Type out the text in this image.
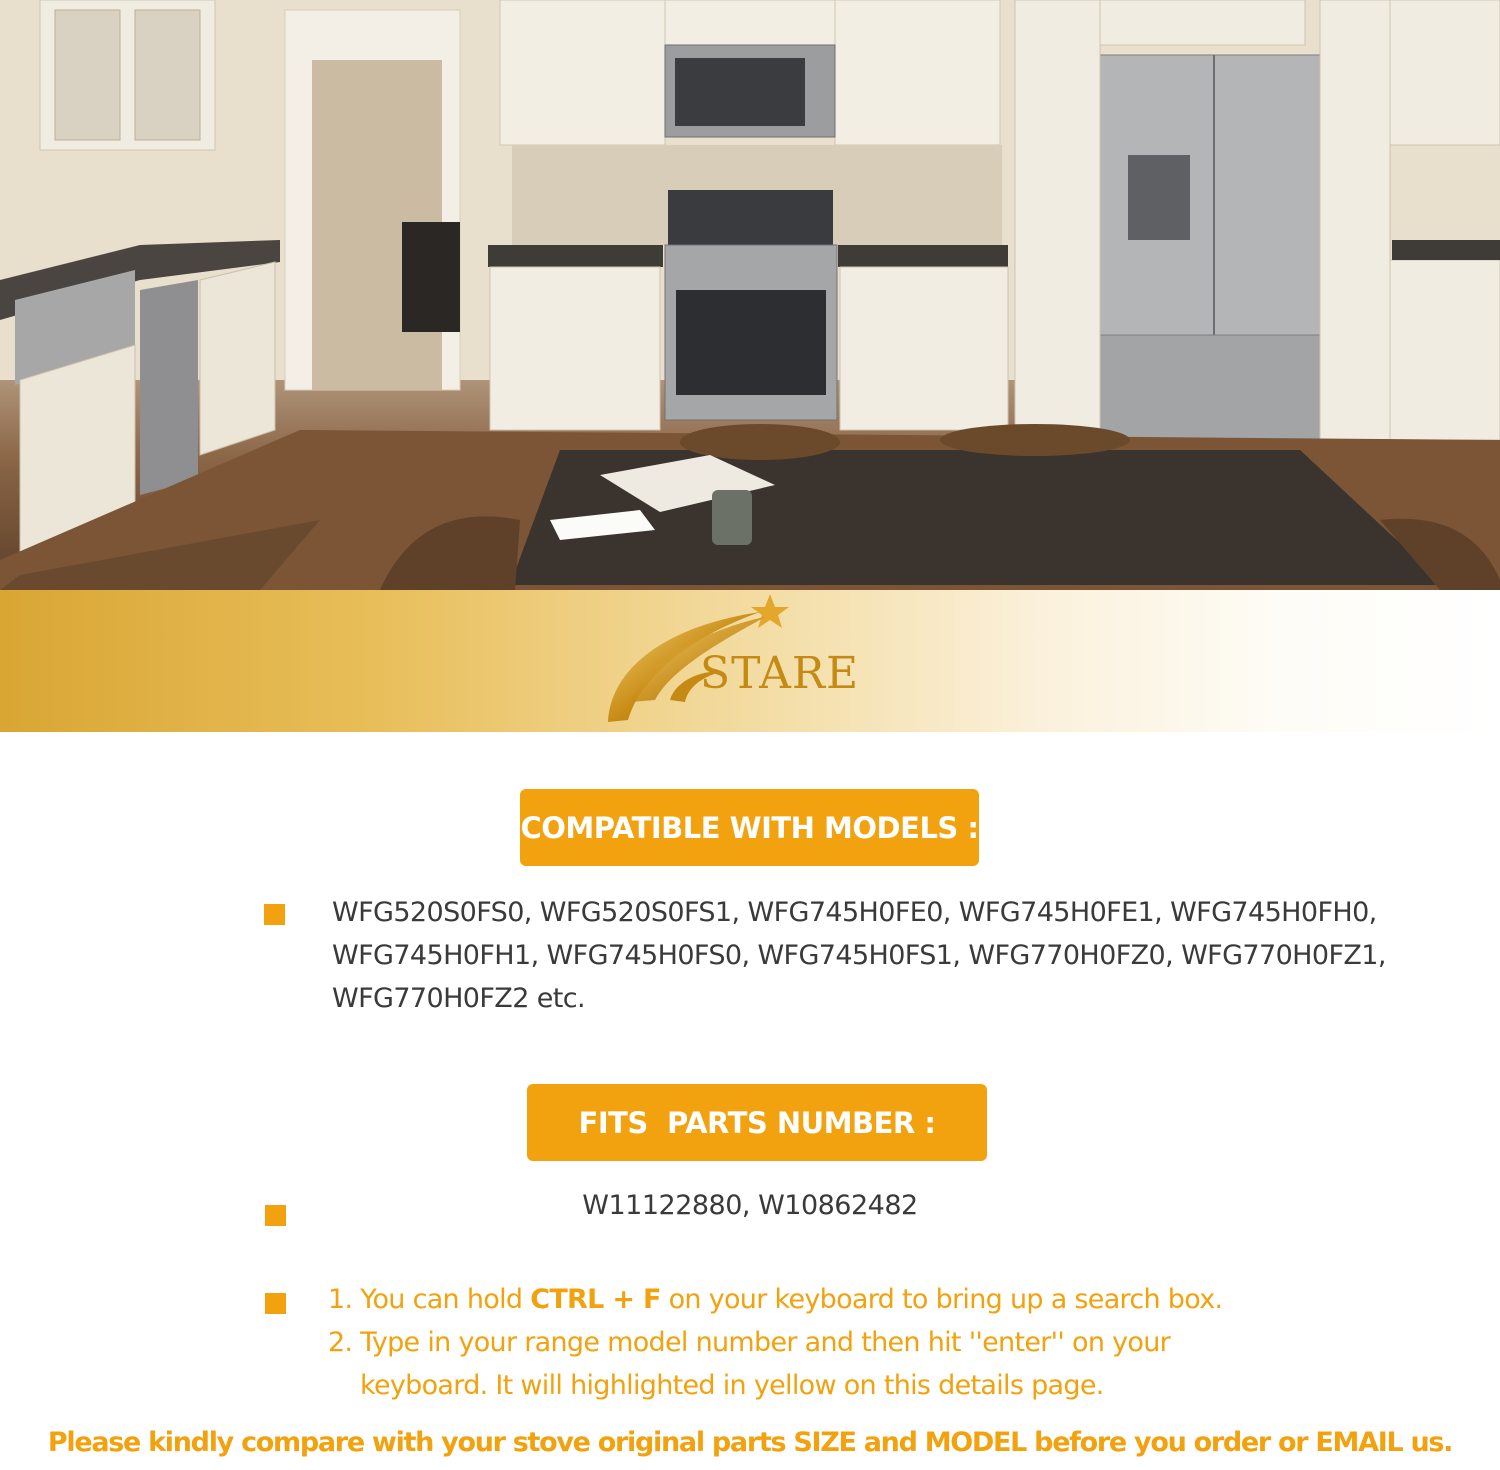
STARE
COMPATIBLE WITH MODELS :
WFG520S0FS0, WFG520S0FS1, WFG745H0FE0, WFG745H0FE1, WFG745H0FH0,
WFG745H0FH1, WFG745H0FS0, WFG745H0FS1, WFG770H0FZ0, WFG770H0FZ1,
WFG770H0FZ2 etc.
FITS  PARTS NUMBER :
W11122880, W10862482
1. You can hold CTRL + F on your keyboard to bring up a search box.
2. Type in your range model number and then hit ''enter'' on your
keyboard. It will highlighted in yellow on this details page.
Please kindly compare with your stove original parts SIZE and MODEL before you order or EMAIL us.
